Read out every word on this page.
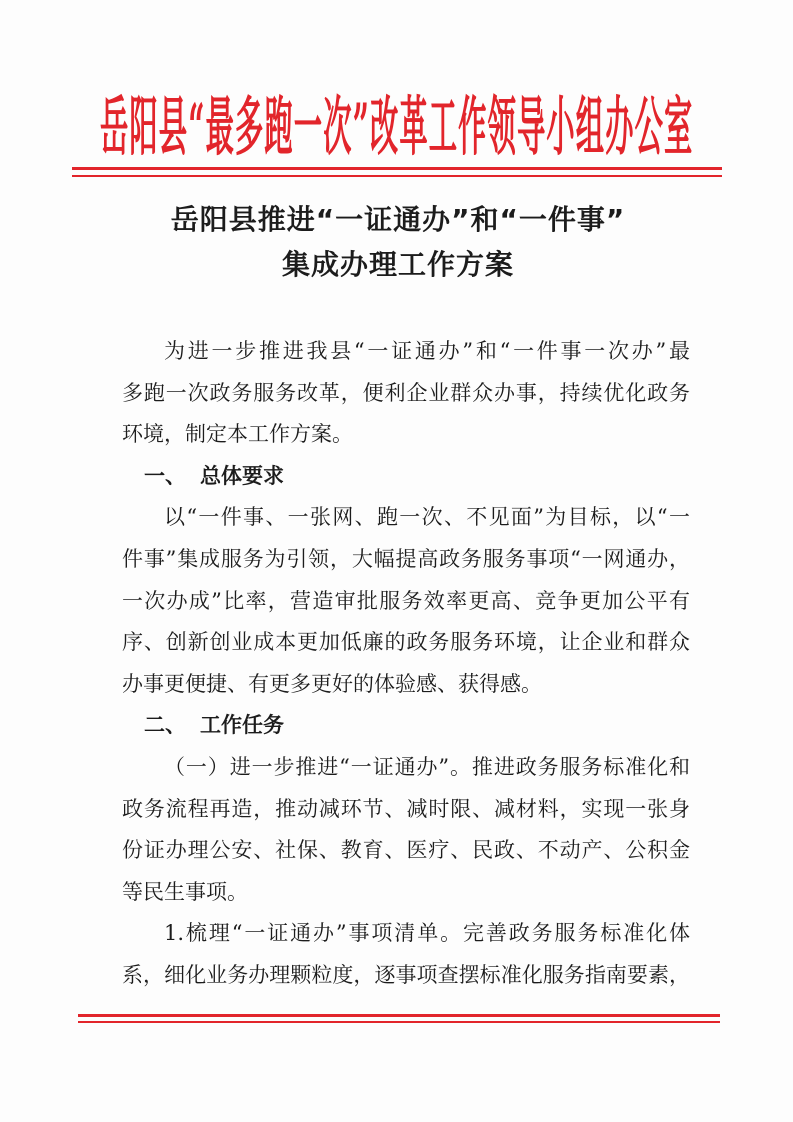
岳阳县“最多跑一次”改革工作领导小组办公室
岳阳县推进“一证通办”和“一件事”
集成办理工作方案
为进一步推进我县“一证通办”和“一件事一次办”最
多跑一次政务服务改革，便利企业群众办事，持续优化政务
环境，制定本工作方案。
一、 总体要求
以“一件事、一张网、跑一次、不见面”为目标，以“一
件事”集成服务为引领，大幅提高政务服务事项“一网通办，
一次办成”比率，营造审批服务效率更高、竞争更加公平有
序、创新创业成本更加低廉的政务服务环境，让企业和群众
办事更便捷、有更多更好的体验感、获得感。
二、 工作任务
（一）进一步推进“一证通办”。推进政务服务标准化和
政务流程再造，推动减环节、减时限、减材料，实现一张身
份证办理公安、社保、教育、医疗、民政、不动产、公积金
等民生事项。
1.梳理“一证通办”事项清单。完善政务服务标准化体
系，细化业务办理颗粒度，逐事项查摆标准化服务指南要素，
